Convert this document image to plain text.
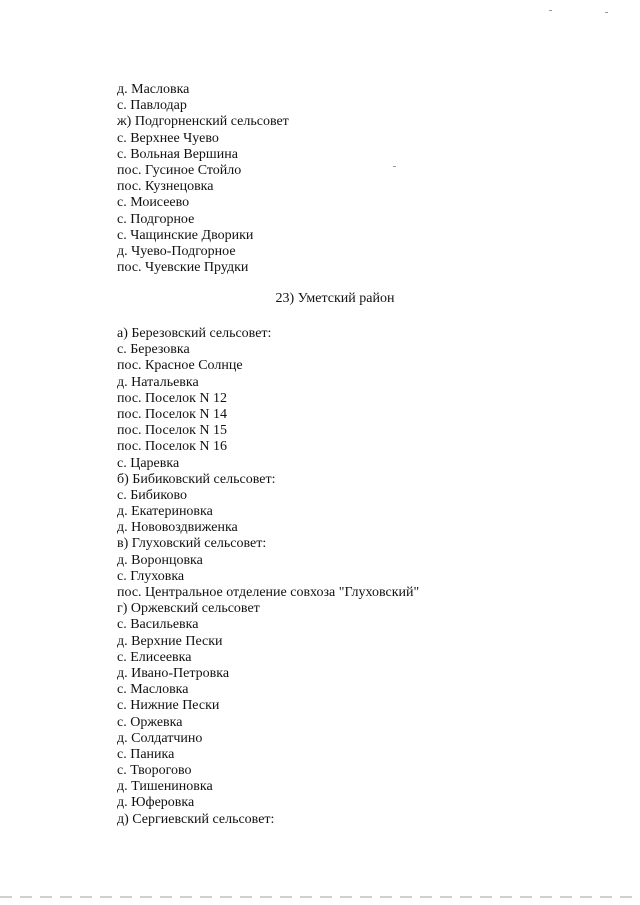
д. Масловка
с. Павлодар
ж) Подгорненский сельсовет
с. Верхнее Чуево
с. Вольная Вершина
пос. Гусиное Стойло
пос. Кузнецовка
с. Моисеево
с. Подгорное
с. Чащинские Дворики
д. Чуево-Подгорное
пос. Чуевские Прудки
23) Уметский район
а) Березовский сельсовет:
с. Березовка
пос. Красное Солнце
д. Натальевка
пос. Поселок N 12
пос. Поселок N 14
пос. Поселок N 15
пос. Поселок N 16
с. Царевка
б) Бибиковский сельсовет:
с. Бибиково
д. Екатериновка
д. Нововоздвиженка
в) Глуховский сельсовет:
д. Воронцовка
с. Глуховка
пос. Центральное отделение совхоза "Глуховский"
г) Оржевский сельсовет
с. Васильевка
д. Верхние Пески
с. Елисеевка
д. Ивано-Петровка
с. Масловка
с. Нижние Пески
с. Оржевка
д. Солдатчино
с. Паника
с. Творогово
д. Тишениновка
д. Юферовка
д) Сергиевский сельсовет:
